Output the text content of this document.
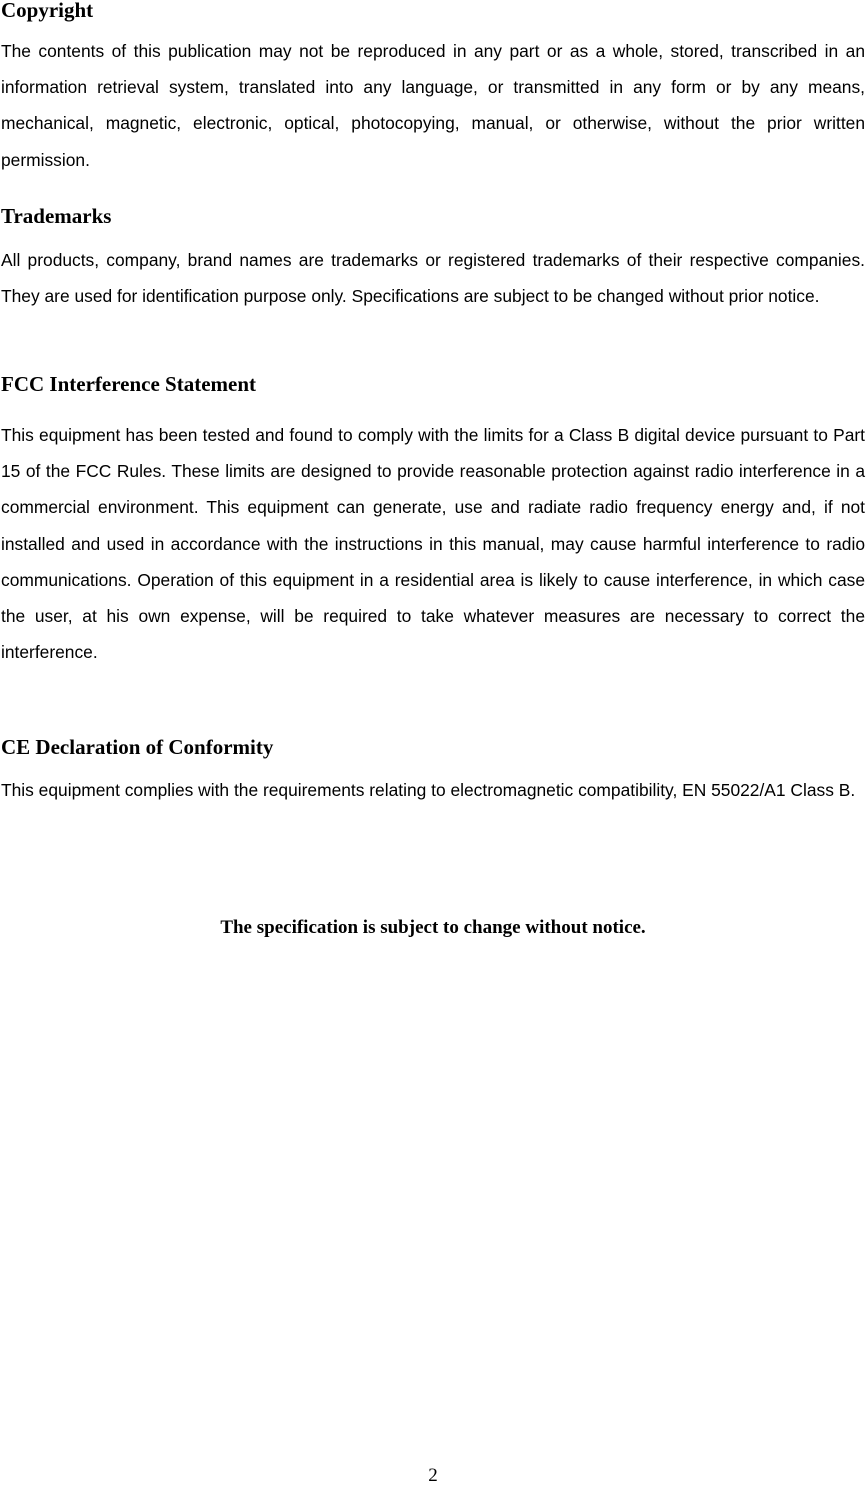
Copyright

The contents of this publication may not be reproduced in any part or as a whole, stored, transcribed in an information retrieval system, translated into any language, or transmitted in any form or by any means, mechanical, magnetic, electronic, optical, photocopying, manual, or otherwise, without the prior written permission.

Trademarks

All products, company, brand names are trademarks or registered trademarks of their respective companies. They are used for identification purpose only. Specifications are subject to be changed without prior notice.

FCC Interference Statement

This equipment has been tested and found to comply with the limits for a Class B digital device pursuant to Part 15 of the FCC Rules. These limits are designed to provide reasonable protection against radio interference in a commercial environment. This equipment can generate, use and radiate radio frequency energy and, if not installed and used in accordance with the instructions in this manual, may cause harmful interference to radio communications. Operation of this equipment in a residential area is likely to cause interference, in which case the user, at his own expense, will be required to take whatever measures are necessary to correct the interference.

CE Declaration of Conformity

This equipment complies with the requirements relating to electromagnetic compatibility, EN 55022/A1 Class B.

The specification is subject to change without notice.

2
